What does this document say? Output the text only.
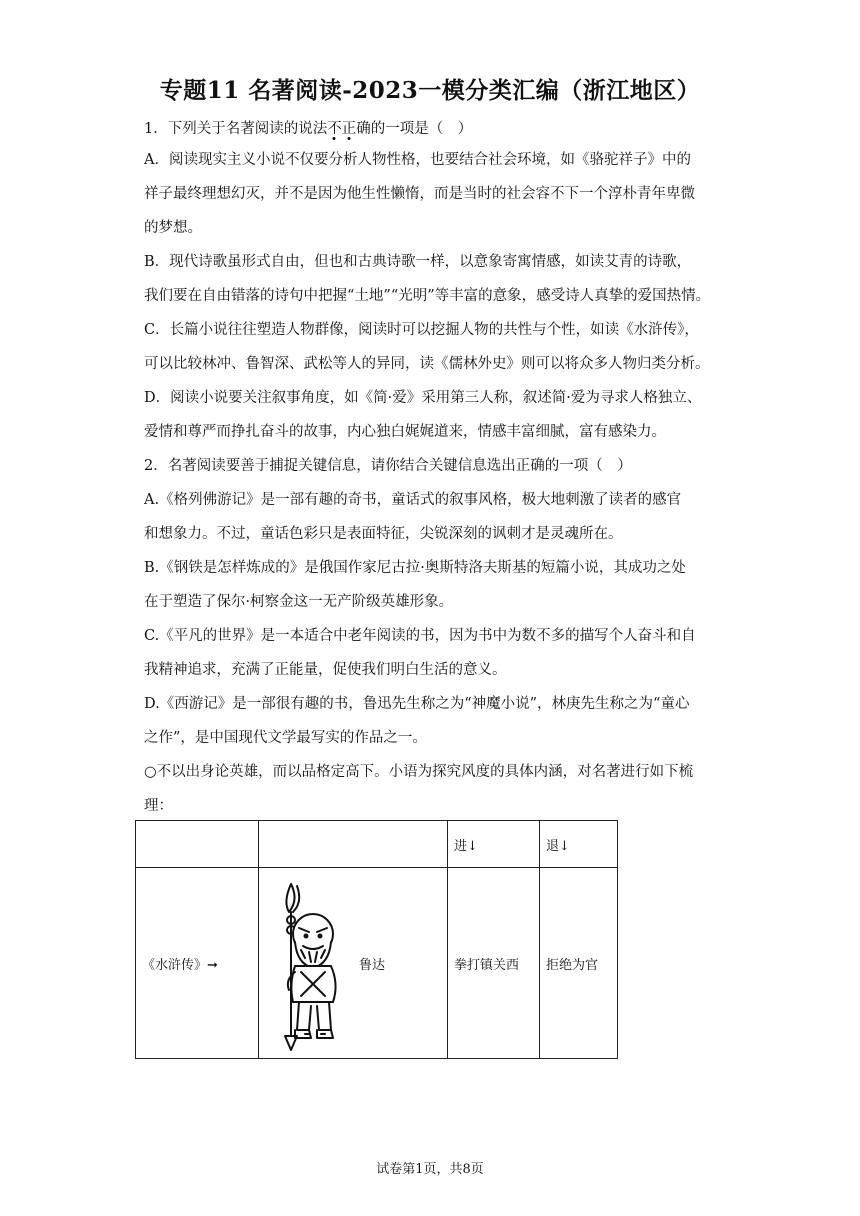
专题11 名著阅读-2023一模分类汇编（浙江地区）
1．下列关于名著阅读的说法不正确的一项是（　）
A．阅读现实主义小说不仅要分析人物性格，也要结合社会环境，如《骆驼祥子》中的
祥子最终理想幻灭，并不是因为他生性懒惰，而是当时的社会容不下一个淳朴青年卑微
的梦想。
B．现代诗歌虽形式自由，但也和古典诗歌一样，以意象寄寓情感，如读艾青的诗歌，
我们要在自由错落的诗句中把握“土地”“光明”等丰富的意象，感受诗人真挚的爱国热情。
C．长篇小说往往塑造人物群像，阅读时可以挖掘人物的共性与个性，如读《水浒传》，
可以比较林冲、鲁智深、武松等人的异同，读《儒林外史》则可以将众多人物归类分析。
D．阅读小说要关注叙事角度，如《简·爱》采用第三人称，叙述简·爱为寻求人格独立、
爱情和尊严而挣扎奋斗的故事，内心独白娓娓道来，情感丰富细腻，富有感染力。
2．名著阅读要善于捕捉关键信息，请你结合关键信息选出正确的一项（　）
A.《格列佛游记》是一部有趣的奇书，童话式的叙事风格，极大地刺激了读者的感官
和想象力。不过，童话色彩只是表面特征，尖锐深刻的讽刺才是灵魂所在。
B.《钢铁是怎样炼成的》是俄国作家尼古拉·奥斯特洛夫斯基的短篇小说，其成功之处
在于塑造了保尔·柯察金这一无产阶级英雄形象。
C.《平凡的世界》是一本适合中老年阅读的书，因为书中为数不多的描写个人奋斗和自
我精神追求，充满了正能量，促使我们明白生活的意义。
D.《西游记》是一部很有趣的书，鲁迅先生称之为“神魔小说”，林庚先生称之为“童心
之作”，是中国现代文学最写实的作品之一。
○不以出身论英雄，而以品格定高下。小语为探究风度的具体内涵，对名著进行如下梳
理：
		进↓	退↓
《水浒传》➞	鲁达	拳打镇关西	拒绝为官
试卷第1页，共8页
